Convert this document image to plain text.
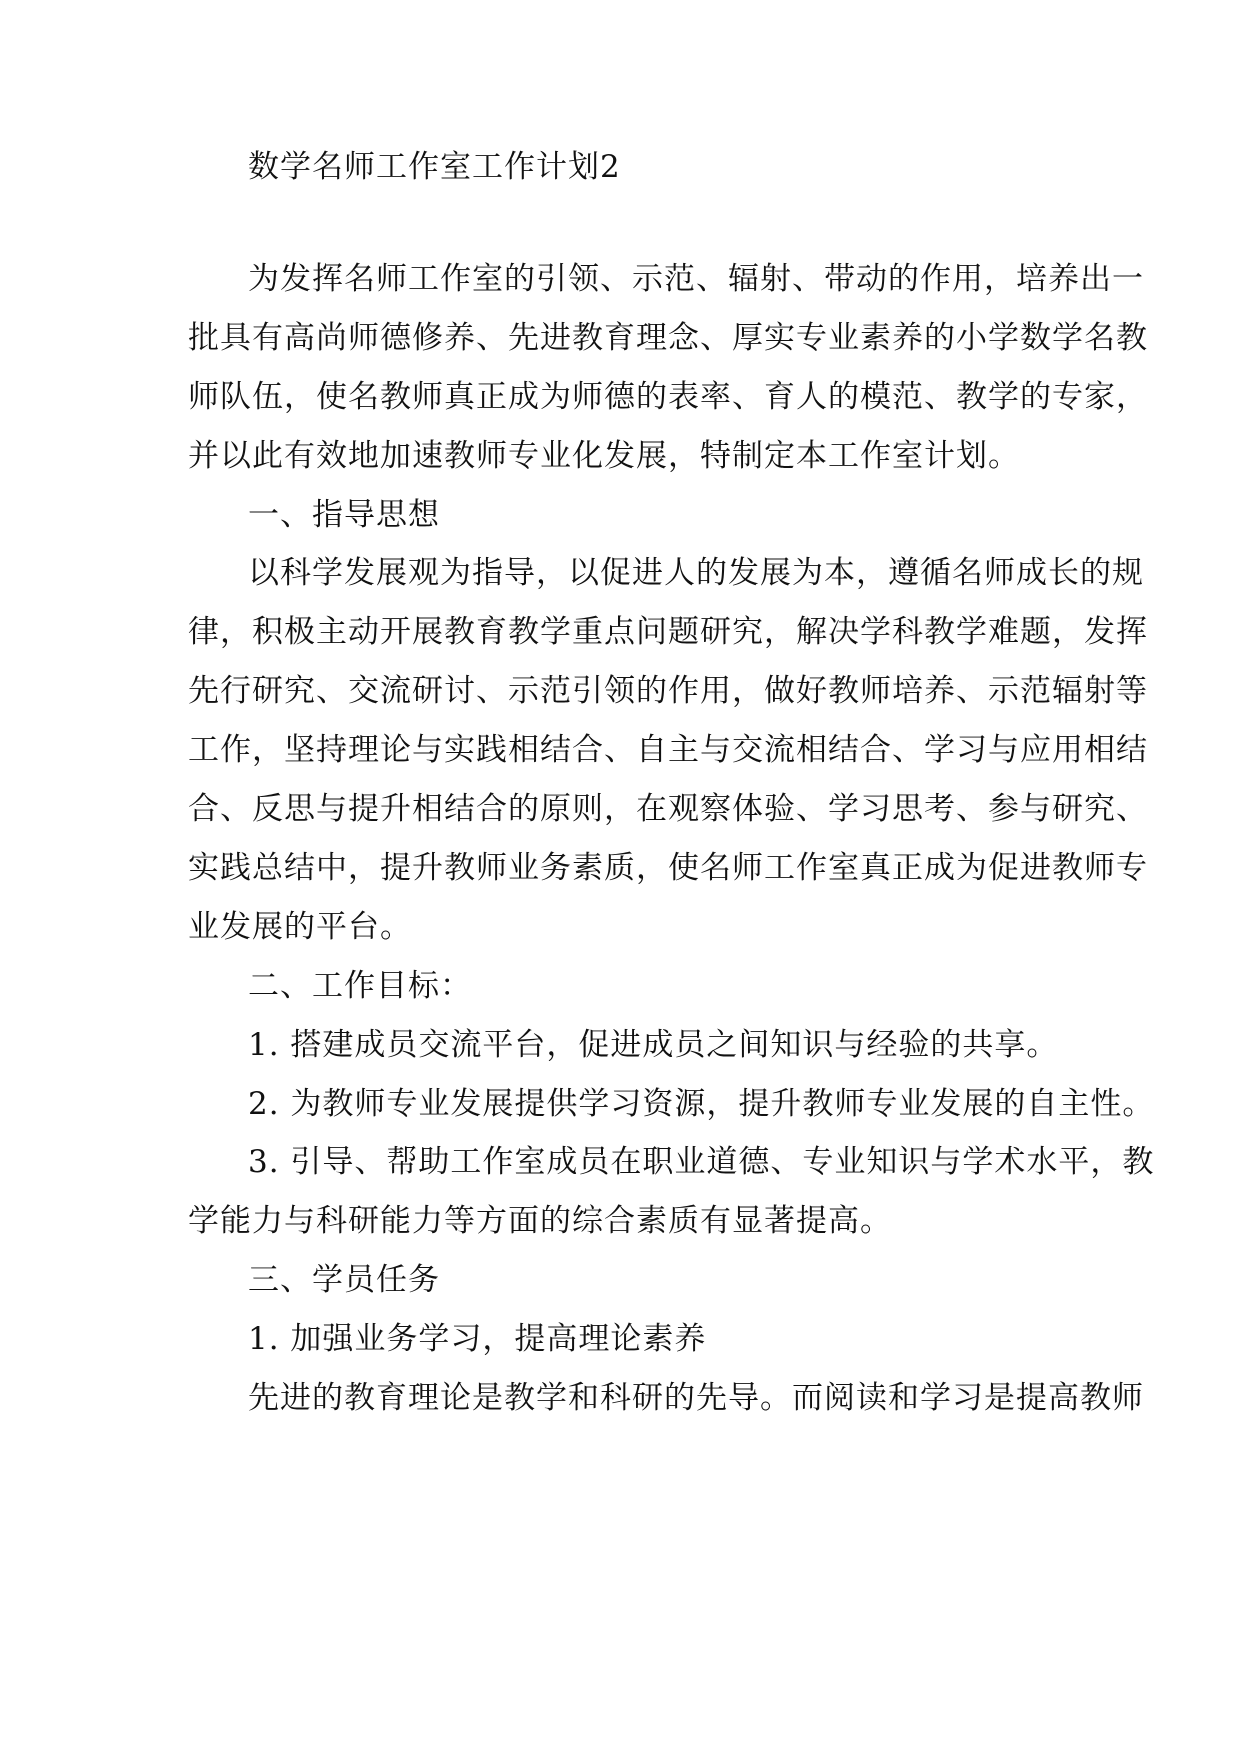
数学名师工作室工作计划2
为发挥名师工作室的引领、示范、辐射、带动的作用，培养出一
批具有高尚师德修养、先进教育理念、厚实专业素养的小学数学名教
师队伍，使名教师真正成为师德的表率、育人的模范、教学的专家，
并以此有效地加速教师专业化发展，特制定本工作室计划。
一、指导思想
以科学发展观为指导，以促进人的发展为本，遵循名师成长的规
律，积极主动开展教育教学重点问题研究，解决学科教学难题，发挥
先行研究、交流研讨、示范引领的作用，做好教师培养、示范辐射等
工作，坚持理论与实践相结合、自主与交流相结合、学习与应用相结
合、反思与提升相结合的原则，在观察体验、学习思考、参与研究、
实践总结中，提升教师业务素质，使名师工作室真正成为促进教师专
业发展的平台。
二、工作目标：
1. 搭建成员交流平台，促进成员之间知识与经验的共享。
2. 为教师专业发展提供学习资源，提升教师专业发展的自主性。
3. 引导、帮助工作室成员在职业道德、专业知识与学术水平，教
学能力与科研能力等方面的综合素质有显著提高。
三、学员任务
1. 加强业务学习，提高理论素养
先进的教育理论是教学和科研的先导。而阅读和学习是提高教师
